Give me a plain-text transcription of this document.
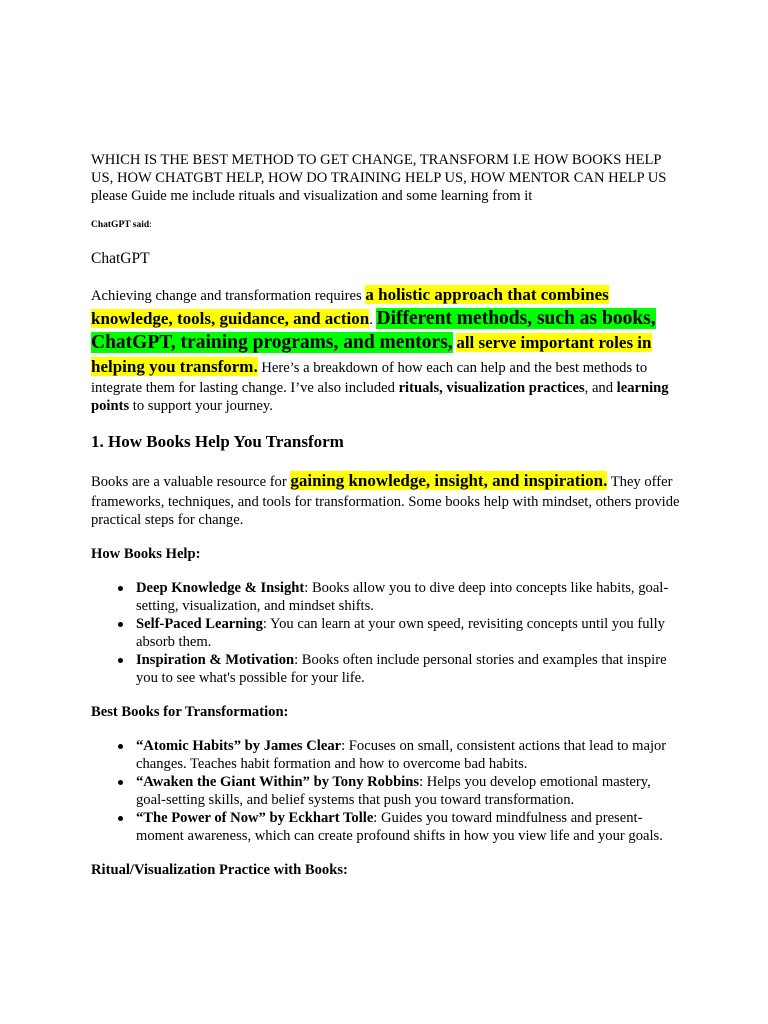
WHICH IS THE BEST METHOD TO GET CHANGE, TRANSFORM I.E HOW BOOKS HELP US, HOW CHATGBT HELP, HOW DO TRAINING HELP US, HOW MENTOR CAN HELP US please Guide me include rituals and visualization and some learning from it

ChatGPT said:

ChatGPT

Achieving change and transformation requires a holistic approach that combines knowledge, tools, guidance, and action. Different methods, such as books, ChatGPT, training programs, and mentors, all serve important roles in helping you transform. Here’s a breakdown of how each can help and the best methods to integrate them for lasting change. I’ve also included rituals, visualization practices, and learning points to support your journey.

1. How Books Help You Transform

Books are a valuable resource for gaining knowledge, insight, and inspiration. They offer frameworks, techniques, and tools for transformation. Some books help with mindset, others provide practical steps for change.

How Books Help:

Deep Knowledge & Insight: Books allow you to dive deep into concepts like habits, goal-setting, visualization, and mindset shifts.
Self-Paced Learning: You can learn at your own speed, revisiting concepts until you fully absorb them.
Inspiration & Motivation: Books often include personal stories and examples that inspire you to see what's possible for your life.

Best Books for Transformation:

“Atomic Habits” by James Clear: Focuses on small, consistent actions that lead to major changes. Teaches habit formation and how to overcome bad habits.
“Awaken the Giant Within” by Tony Robbins: Helps you develop emotional mastery, goal-setting skills, and belief systems that push you toward transformation.
“The Power of Now” by Eckhart Tolle: Guides you toward mindfulness and present-moment awareness, which can create profound shifts in how you view life and your goals.

Ritual/Visualization Practice with Books:
